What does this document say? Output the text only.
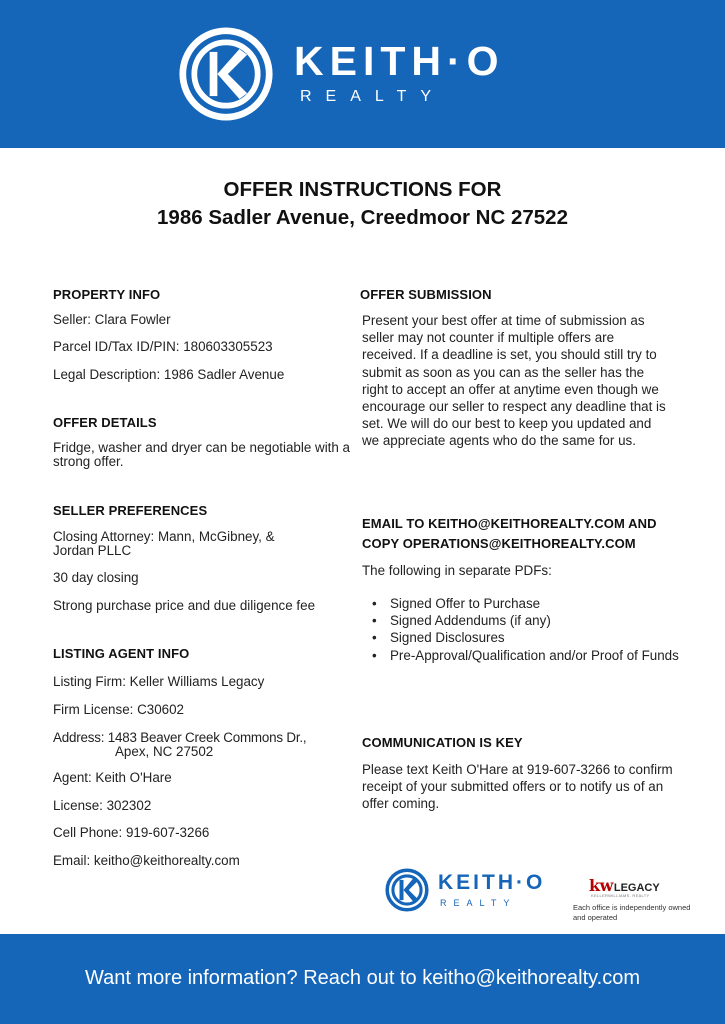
KEITH·O
REALTY
OFFER INSTRUCTIONS FOR
1986 Sadler Avenue, Creedmoor NC 27522
PROPERTY INFO
Seller: Clara Fowler
Parcel ID/Tax ID/PIN: 180603305523
Legal Description: 1986 Sadler Avenue
OFFER DETAILS
Fridge, washer and dryer can be negotiable with a strong offer.
SELLER PREFERENCES
Closing Attorney: Mann, McGibney, & Jordan PLLC
30 day closing
Strong purchase price and due diligence fee
LISTING AGENT INFO
Listing Firm: Keller Williams Legacy
Firm License: C30602
Address: 1483 Beaver Creek Commons Dr.,
Apex, NC 27502
Agent: Keith O'Hare
License: 302302
Cell Phone: 919-607-3266
Email: keitho@keithorealty.com
OFFER SUBMISSION
Present your best offer at time of submission as seller may not counter if multiple offers are received. If a deadline is set, you should still try to submit as soon as you can as the seller has the right to accept an offer at anytime even though we encourage our seller to respect any deadline that is set. We will do our best to keep you updated and we appreciate agents who do the same for us.
EMAIL TO KEITHO@KEITHOREALTY.COM AND
COPY OPERATIONS@KEITHOREALTY.COM
The following in separate PDFs:
• Signed Offer to Purchase
• Signed Addendums (if any)
• Signed Disclosures
• Pre-Approval/Qualification and/or Proof of Funds
COMMUNICATION IS KEY
Please text Keith O'Hare at 919-607-3266 to confirm receipt of your submitted offers or to notify us of an offer coming.
KEITH·O
REALTY
kwLEGACY
KELLERWILLIAMS. REALTY
Each office is independently owned and operated
Want more information? Reach out to keitho@keithorealty.com
